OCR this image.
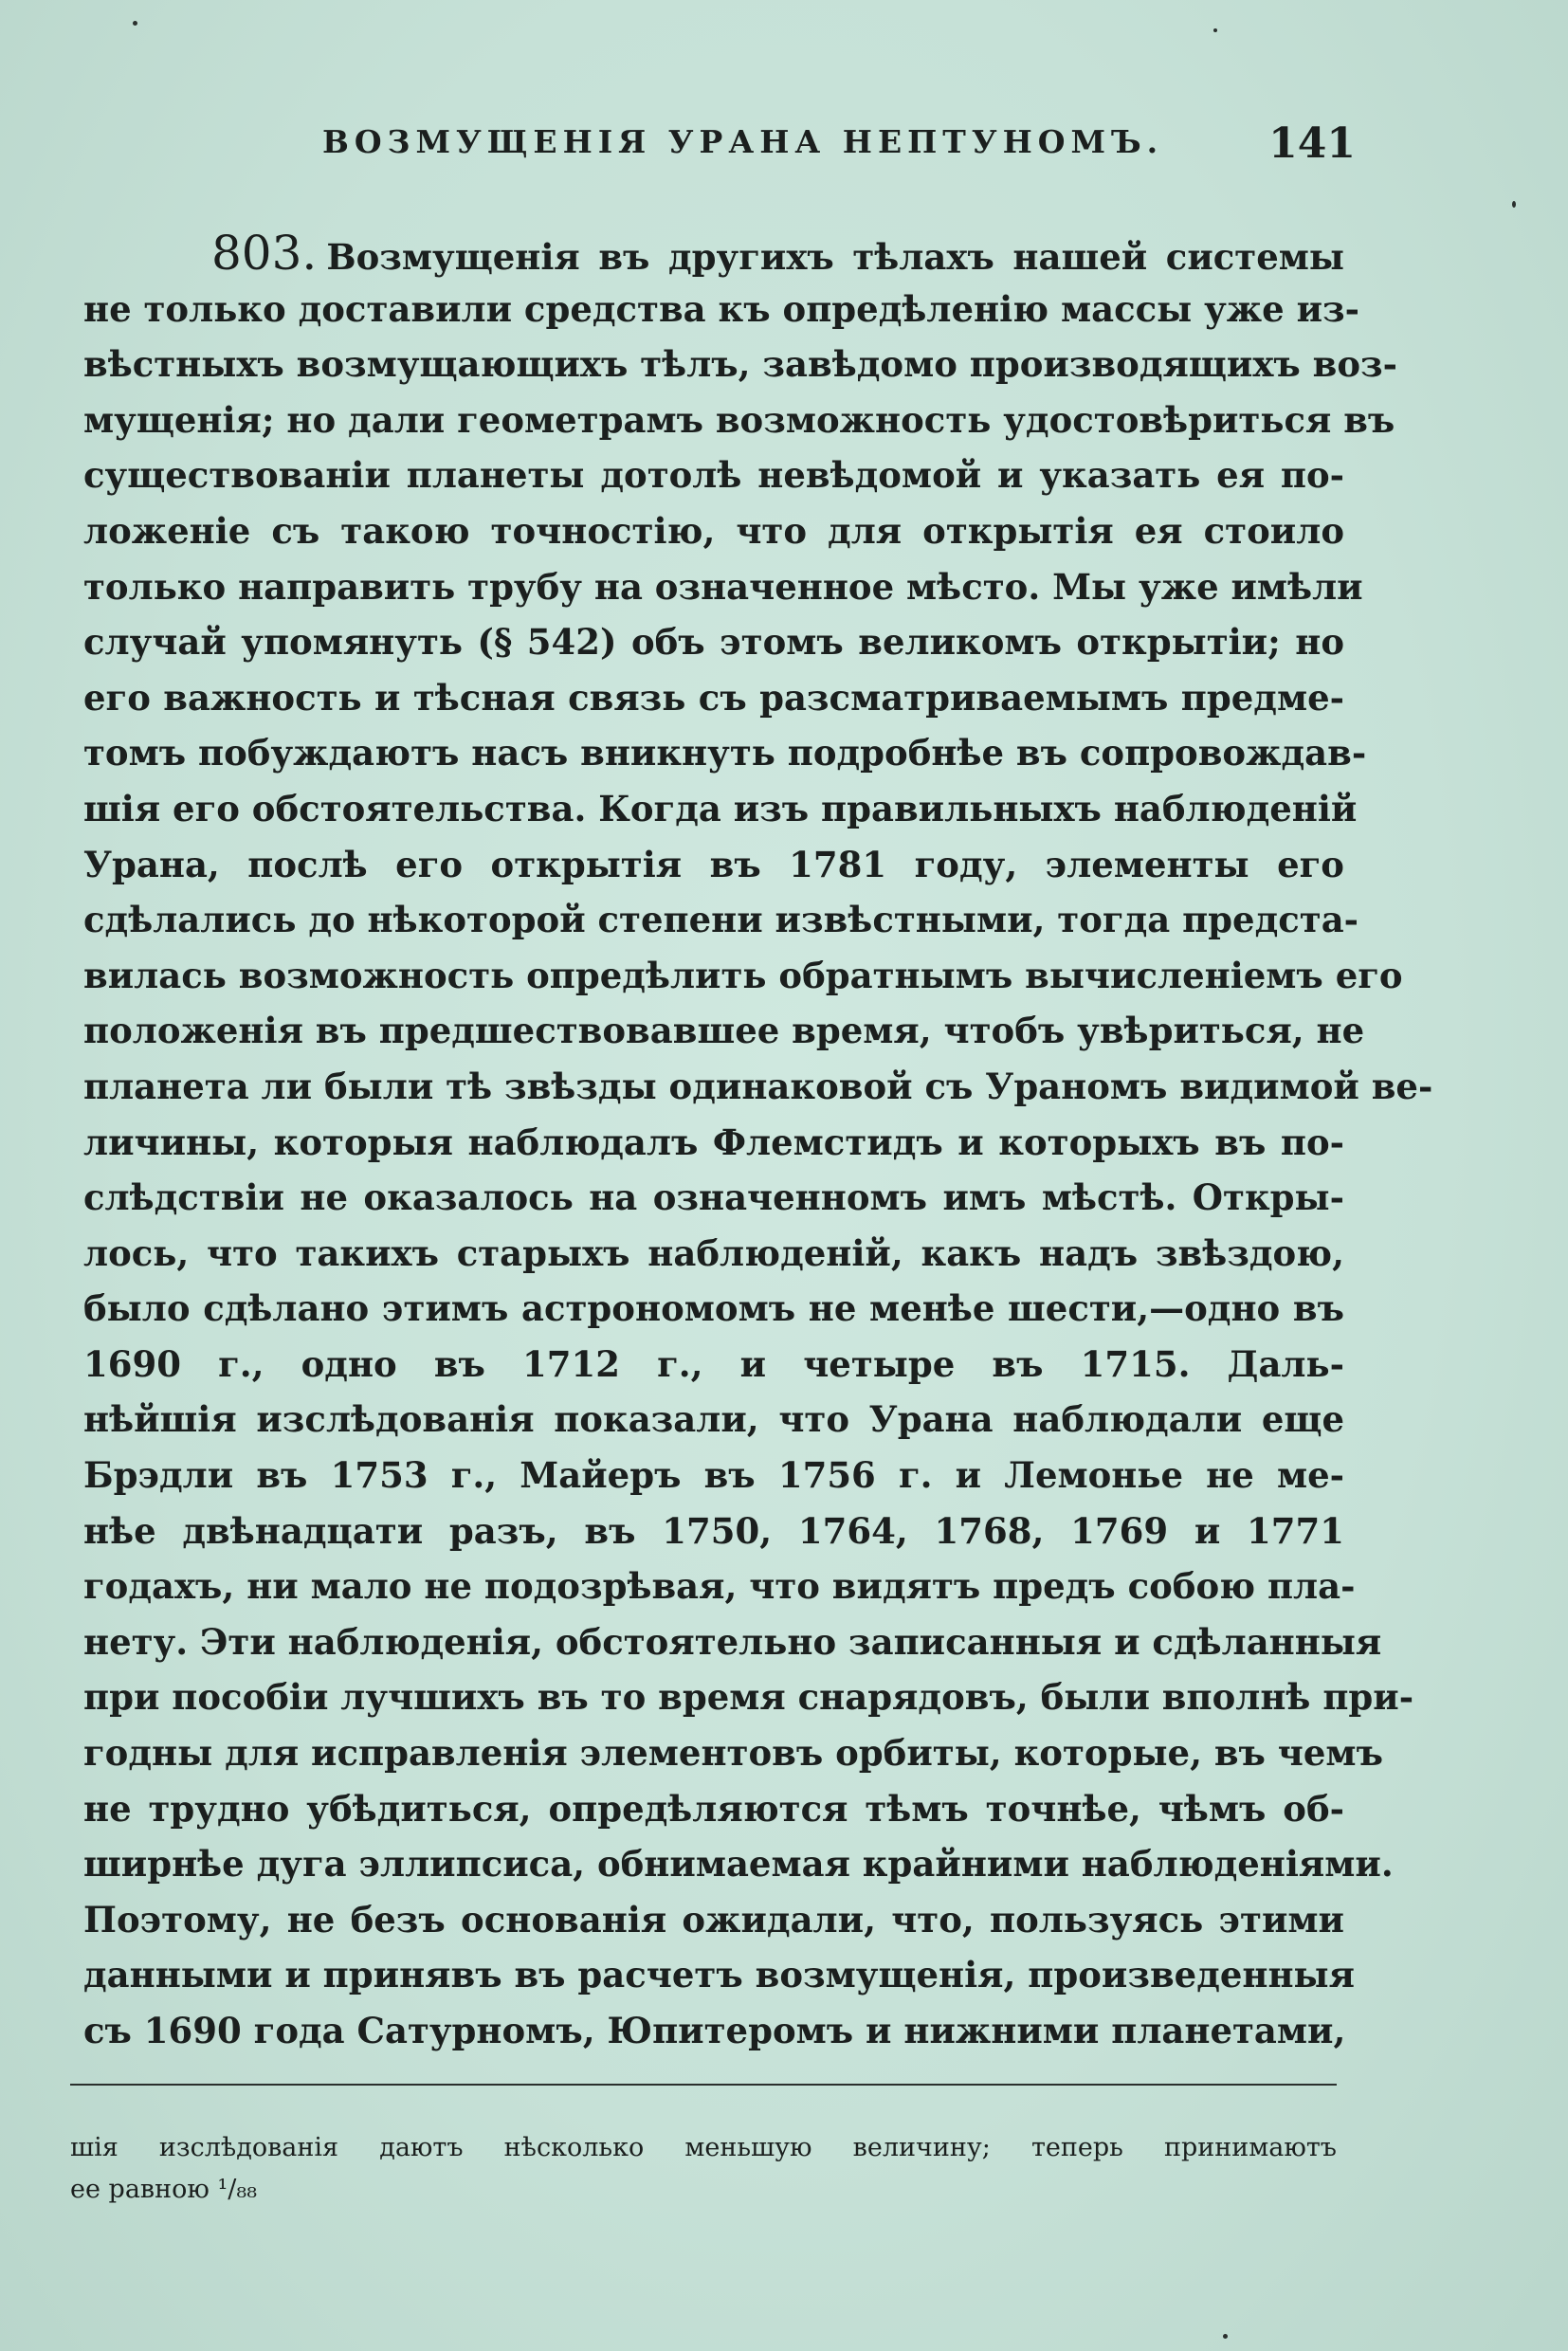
ВОЗМУЩЕНІЯ УРАНА НЕПТУНОМЪ.	141
803. Возмущенія въ другихъ тѣлахъ нашей системы
не только доставили средства къ опредѣленію массы уже из-
вѣстныхъ возмущающихъ тѣлъ, завѣдомо производящихъ воз-
мущенія; но дали геометрамъ возможность удостовѣриться въ
существованіи планеты дотолѣ невѣдомой и указать ея по-
ложеніе съ такою точностію, что для открытія ея стоило
только направить трубу на означенное мѣсто. Мы уже имѣли
случай упомянуть (§ 542) объ этомъ великомъ открытіи; но
его важность и тѣсная связь съ разсматриваемымъ предме-
томъ побуждаютъ насъ вникнуть подробнѣе въ сопровождав-
шія его обстоятельства. Когда изъ правильныхъ наблюденій
Урана, послѣ его открытія въ 1781 году, элементы его
сдѣлались до нѣкоторой степени извѣстными, тогда предста-
вилась возможность опредѣлить обратнымъ вычисленіемъ его
положенія въ предшествовавшее время, чтобъ увѣриться, не
планета ли были тѣ звѣзды одинаковой съ Ураномъ видимой ве-
личины, которыя наблюдалъ Флемстидъ и которыхъ въ по-
слѣдствіи не оказалось на означенномъ имъ мѣстѣ. Откры-
лось, что такихъ старыхъ наблюденій, какъ надъ звѣздою,
было сдѣлано этимъ астрономомъ не менѣе шести,—одно въ
1690 г., одно въ 1712 г., и четыре въ 1715. Даль-
нѣйшія изслѣдованія показали, что Урана наблюдали еще
Брэдли въ 1753 г., Майеръ въ 1756 г. и Лемонье не ме-
нѣе двѣнадцати разъ, въ 1750, 1764, 1768, 1769 и 1771
годахъ, ни мало не подозрѣвая, что видятъ предъ собою пла-
нету. Эти наблюденія, обстоятельно записанныя и сдѣланныя
при пособіи лучшихъ въ то время снарядовъ, были вполнѣ при-
годны для исправленія элементовъ орбиты, которые, въ чемъ
не трудно убѣдиться, опредѣляются тѣмъ точнѣе, чѣмъ об-
ширнѣе дуга эллипсиса, обнимаемая крайними наблюденіями.
Поэтому, не безъ основанія ожидали, что, пользуясь этими
данными и принявъ въ расчетъ возмущенія, произведенныя
съ 1690 года Сатурномъ, Юпитеромъ и нижними планетами,
шія изслѣдованія даютъ нѣсколько меньшую величину; теперь принимаютъ
ее равною ¹/₈₈
